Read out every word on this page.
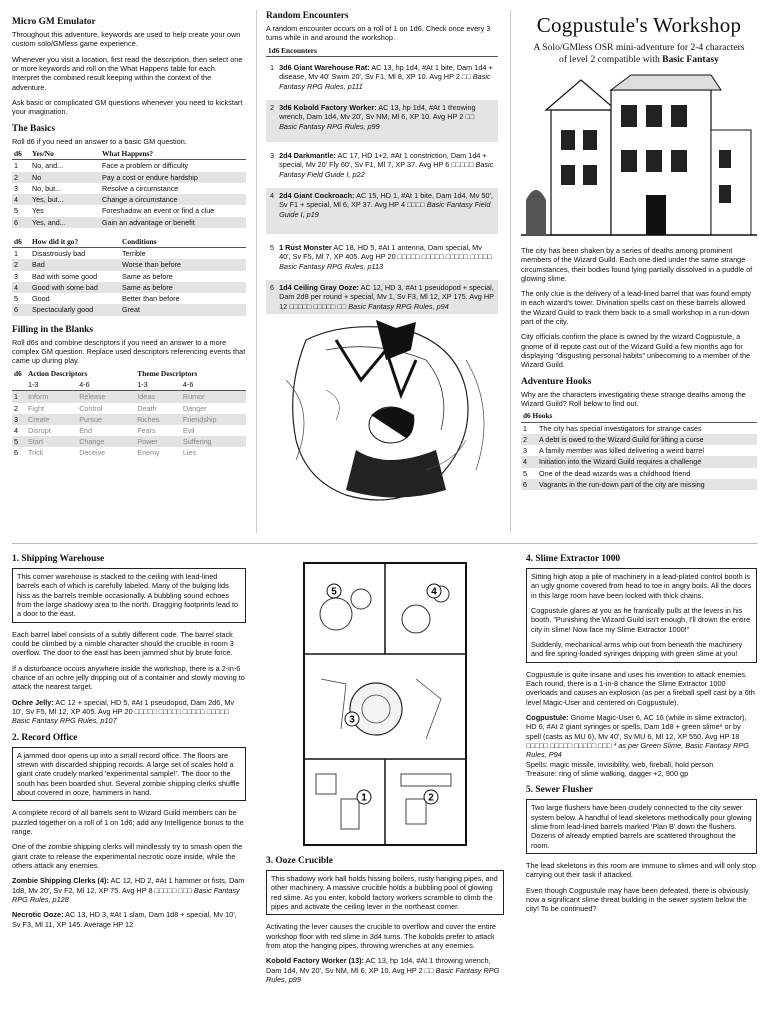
Micro GM Emulator

Throughout this adventure, keywords are used to help create your own custom solo/GMless game experience.

Whenever you visit a location, first read the description, then select one or more keywords and roll on the What Happens table for each. Interpret the combined result keeping within the context of the adventure.

Ask basic or complicated GM questions whenever you need to kickstart your imagination.

The Basics

Roll d6 if you need an answer to a basic GM question.

d6	Yes/No	What Happens?
1	No, and...	Face a problem or difficulty
2	No	Pay a cost or endure hardship
3	No, but...	Resolve a circumstance
4	Yes, but...	Change a circumstance
5	Yes	Foreshadow an event or find a clue
6	Yes, and...	Gain an advantage or benefit
d6	How did it go?	Conditions
1	Disastrously bad	Terrible
2	Bad	Worse than before
3	Bad with some good	Same as before
4	Good with some bad	Same as before
5	Good	Better than before
6	Spectacularly good	Great
Filling in the Blanks

Roll d6s and combine descriptors if you need an answer to a more complex GM question. Replace used descriptors referencing events that came up during play.

d6	Action Descriptors		Theme Descriptors	
	1-3	4-6	1-3	4-6
1	Inform	Release	Ideas	Rumor
2	Fight	Control	Death	Danger
3	Create	Pursue	Riches	Friendship
4	Disrupt	End	Fears	Evil
5	Start	Change	Power	Suffering
6	Trick	Deceive	Enemy	Lies
Random Encounters

A random encounter occurs on a roll of 1 on 1d6. Check once every 3 turns while in and around the workshop.

1d6 Encounters
1 3d6 Giant Warehouse Rat: AC 13, hp 1d4, #At 1 bite, Dam 1d4 + disease, Mv 40' Swim 20', Sv F1, Ml 8, XP 10. Avg HP 2 □□ Basic Fantasy RPG Rules, p111
2 3d6 Kobold Factory Worker: AC 13, hp 1d4, #At 1 throwing wrench, Dam 1d4, Mv 20', Sv NM, Ml 6, XP 10. Avg HP 2 □□ Basic Fantasy RPG Rules, p99
3 2d4 Darkmantle: AC 17, HD 1+2, #At 1 constriction, Dam 1d4 + special, Mv 20' Fly 60', Sv F1, Ml 7, XP 37. Avg HP 6 □□□□□ Basic Fantasy Field Guide I, p22
4 2d4 Giant Cockroach: AC 15, HD 1, #At 1 bite, Dam 1d4, Mv 50', Sv F1 + special, Ml 6, XP 37. Avg HP 4 □□□□ Basic Fantasy Field Guide I, p19
5 1 Rust Monster AC 18, HD 5, #At 1 antenna, Dam special, Mv 40', Sv F5, Ml 7, XP 405. Avg HP 20 □□□□□ □□□□□ □□□□□ □□□□□ Basic Fantasy RPG Rules, p113
6 1d4 Ceiling Gray Ooze: AC 12, HD 3, #At 1 pseudopod + special, Dam 2d8 per round + special, Mv 1, Sv F3, Ml 12, XP 175. Avg HP 12 □□□□□ □□□□□ □□ Basic Fantasy RPG Rules, p94
Cogpustule's Workshop
A Solo/GMless OSR mini-adventure for 2-4 characters
of level 2 compatible with Basic Fantasy

The city has been shaken by a series of deaths among prominent members of the Wizard Guild. Each one died under the same strange circumstances, their bodies found lying partially dissolved in a puddle of glowing slime.

The only clue is the delivery of a lead-lined barrel that was found empty in each wizard's tower. Divination spells cast on these barrels allowed the Wizard Guild to track them back to a small workshop in a run-down part of the city.

City officials confirm the place is owned by the wizard Cogpustule, a gnome of ill repute cast out of the Wizard Guild a few months ago for displaying "disgusting personal habits" unbecoming to a member of the Wizard Guild.

Adventure Hooks

Why are the characters investigating these strange deaths among the Wizard Guild? Roll below to find out.

d6 Hooks
1	The city has special investigators for strange cases
2	A debt is owed to the Wizard Guild for lifting a curse
3	A family member was killed delivering a weird barrel
4	Initiation into the Wizard Guild requires a challenge
5	One of the dead wizards was a childhood friend
6	Vagrants in the run-down part of the city are missing
1. Shipping Warehouse
This corner warehouse is stacked to the ceiling with lead-lined barrels each of which is carefully labeled. Many of the bulging lids hiss as the barrels tremble occasionally. A bubbling sound echoes from the large shadowy area to the north. Dragging footprints lead to a door to the east.

Each barrel label consists of a subtly different code. The barrel stack could be climbed by a nimble character should the crucible in room 3 overflow. The door to the east has been jammed shut by brute force.

If a disturbance occurs anywhere inside the workshop, there is a 2-in-6 chance of an ochre jelly dripping out of a container and slowly moving to attack the nearest target.

Ochre Jelly: AC 12 + special, HD 5, #At 1 pseudopod, Dam 2d6, Mv 10', Sv F5, Ml 12, XP 405. Avg HP 20 □□□□□ □□□□□ □□□□□ □□□□□ Basic Fantasy RPG Rules, p107

2. Record Office
A jammed door opens up into a small record office. The floors are strewn with discarded shipping records. A large set of scales hold a giant crate crudely marked 'experimental sample!'. The door to the south has been boarded shut. Several zombie shipping clerks shuffle about covered in ooze, hammers in hand.

A complete record of all barrels sent to Wizard Guild members can be puzzled together on a roll of 1 on 1d6; add any Intelligence bonus to the range.

One of the zombie shipping clerks will mindlessly try to smash open the giant crate to release the experimental necrotic ooze inside, while the others attack any enemies.

Zombie Shipping Clerks (4): AC 12, HD 2, #At 1 hammer or fists, Dam 1d8, Mv 20', Sv F2, Ml 12, XP 75. Avg HP 8 □□□□□ □□□ Basic Fantasy RPG Rules, p128

Necrotic Ooze: AC 13, HD 3, #At 1 slam, Dam 1d8 + special, Mv 10', Sv F3, Ml 11, XP 145. Average HP 12

5	4
3
1	2
3. Ooze Crucible
This shadowy work hall holds hissing boilers, rusty hanging pipes, and other machinery. A massive crucible holds a bubbling pool of glowing red slime. As you enter, kobold factory workers scramble to climb the pipes and activate the ceiling lever in the northeast corner.

Activating the lever causes the crucible to overflow and cover the entire workshop floor with red slime in 3d4 turns. The kobolds prefer to attack from atop the hanging pipes, throwing wrenches at any enemies.

Kobold Factory Worker (13): AC 13, hp 1d4, #At 1 throwing wrench, Dam 1d4, Mv 20', Sv NM, Ml 6, XP 10. Avg HP 2 □□ Basic Fantasy RPG Rules, p99

4. Slime Extractor 1000

Sitting high atop a pile of machinery in a lead-plated control booth is an ugly gnome covered from head to toe in angry boils. All the doors in this large room have been locked with thick chains.

Cogpustule glares at you as he frantically pulls at the levers in his booth. "Punishing the Wizard Guild isn't enough, I'll drown the entire city in slime! Now face my Slime Extractor 1000!"

Suddenly, mechanical arms whip out from beneath the machinery and fire spring-loaded syringes dripping with green slime at you!

Cogpustule is quite insane and uses his invention to attack enemies. Each round, there is a 1-in-8 chance the Slime Extractor 1000 overloads and causes an explosion (as per a fireball spell cast by a 6th level Magic-User and centered on Cogpustule).

Cogpustule: Gnome Magic-User 6, AC 16 (while in slime extractor), HD 6, #At 2 giant syringes or spells, Dam 1d8 + green slime* or by spell (casts as MU 6), Mv 40', Sv MU 6, Ml 12, XP 550. Avg HP 18 □□□□□ □□□□□ □□□□□ □□□ * as per Green Slime, Basic Fantasy RPG Rules, P94

Spells: magic missile, invisibility, web, fireball, hold person

Treasure: ring of slime walking, dagger +2, 900 gp

5. Sewer Flusher
Two large flushers have been crudely connected to the city sewer system below. A handful of lead skeletons methodically pour glowing slime from lead-lined barrels marked 'Plan B' down the flushers. Dozens of already emptied barrels are scattered throughout the room.

The lead skeletons in this room are immune to slimes and will only stop carrying out their task if attacked.

Even though Cogpustule may have been defeated, there is obviously now a significant slime threat building in the sewer system below the city! To be continued?
